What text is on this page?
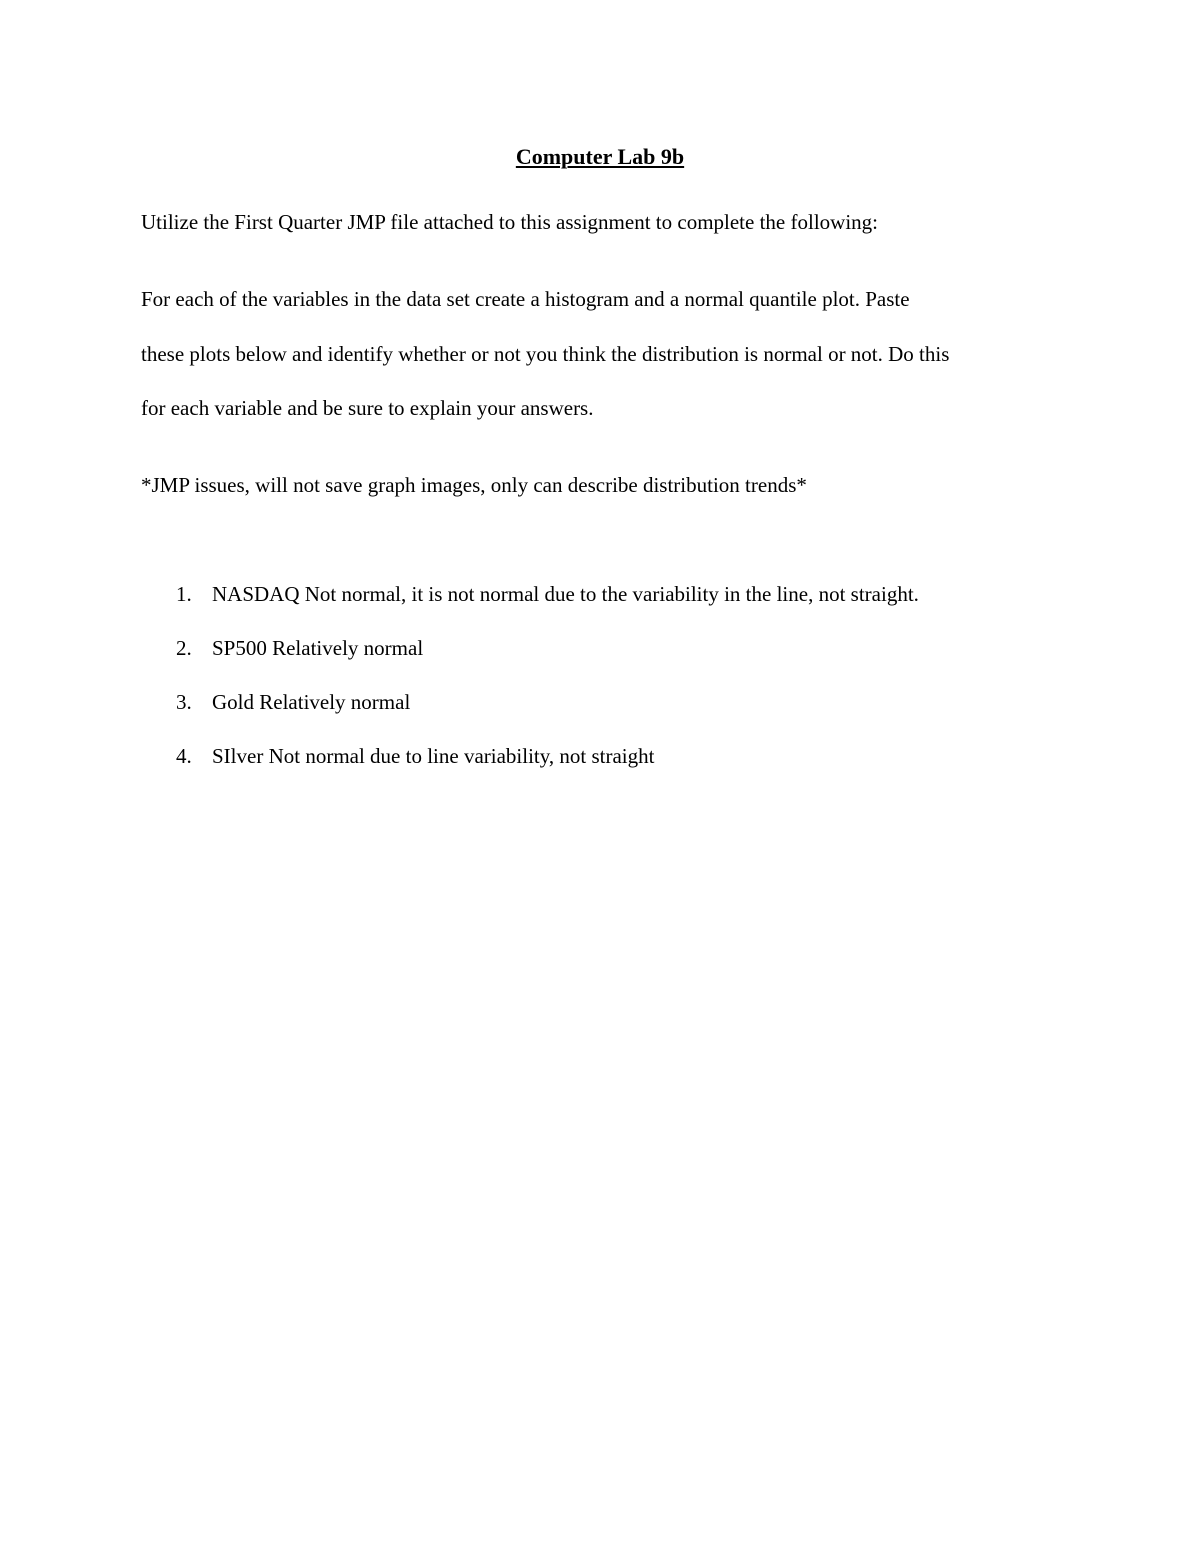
Computer Lab 9b

Utilize the First Quarter JMP file attached to this assignment to complete the following:

For each of the variables in the data set create a histogram and a normal quantile plot. Paste

these plots below and identify whether or not you think the distribution is normal or not. Do this

for each variable and be sure to explain your answers.

*JMP issues, will not save graph images, only can describe distribution trends*

1. NASDAQ Not normal, it is not normal due to the variability in the line, not straight.
2. SP500 Relatively normal
3. Gold Relatively normal
4. SIlver Not normal due to line variability, not straight
